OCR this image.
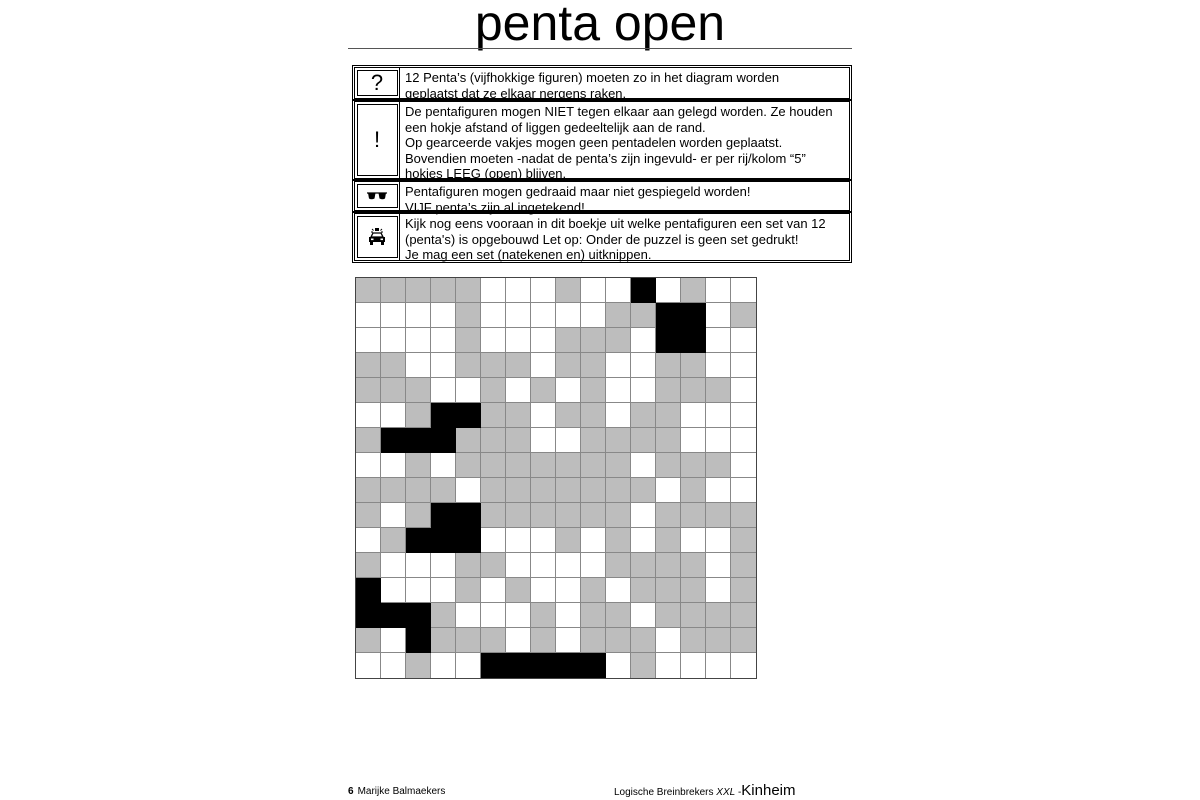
penta open
? 12 Penta’s (vijfhokkige figuren) moeten zo in het diagram worden
geplaatst dat ze elkaar nergens raken.
!
De pentafiguren mogen NIET tegen elkaar aan gelegd worden. Ze houden
een hokje afstand of liggen gedeeltelijk aan de rand.
Op gearceerde vakjes mogen geen pentadelen worden geplaatst.
Bovendien moeten -nadat de penta’s zijn ingevuld- er per rij/kolom “5”
hokjes LEEG (open) blijven.
Pentafiguren mogen gedraaid maar niet gespiegeld worden!
VIJF penta’s zijn al ingetekend!
Kijk nog eens vooraan in dit boekje uit welke pentafiguren een set van 12
(penta's) is opgebouwd Let op: Onder de puzzel is geen set gedrukt!
Je mag een set (natekenen en) uitknippen.
6 Marijke Balmaekers	Logische Breinbrekers XXL -Kinheim
